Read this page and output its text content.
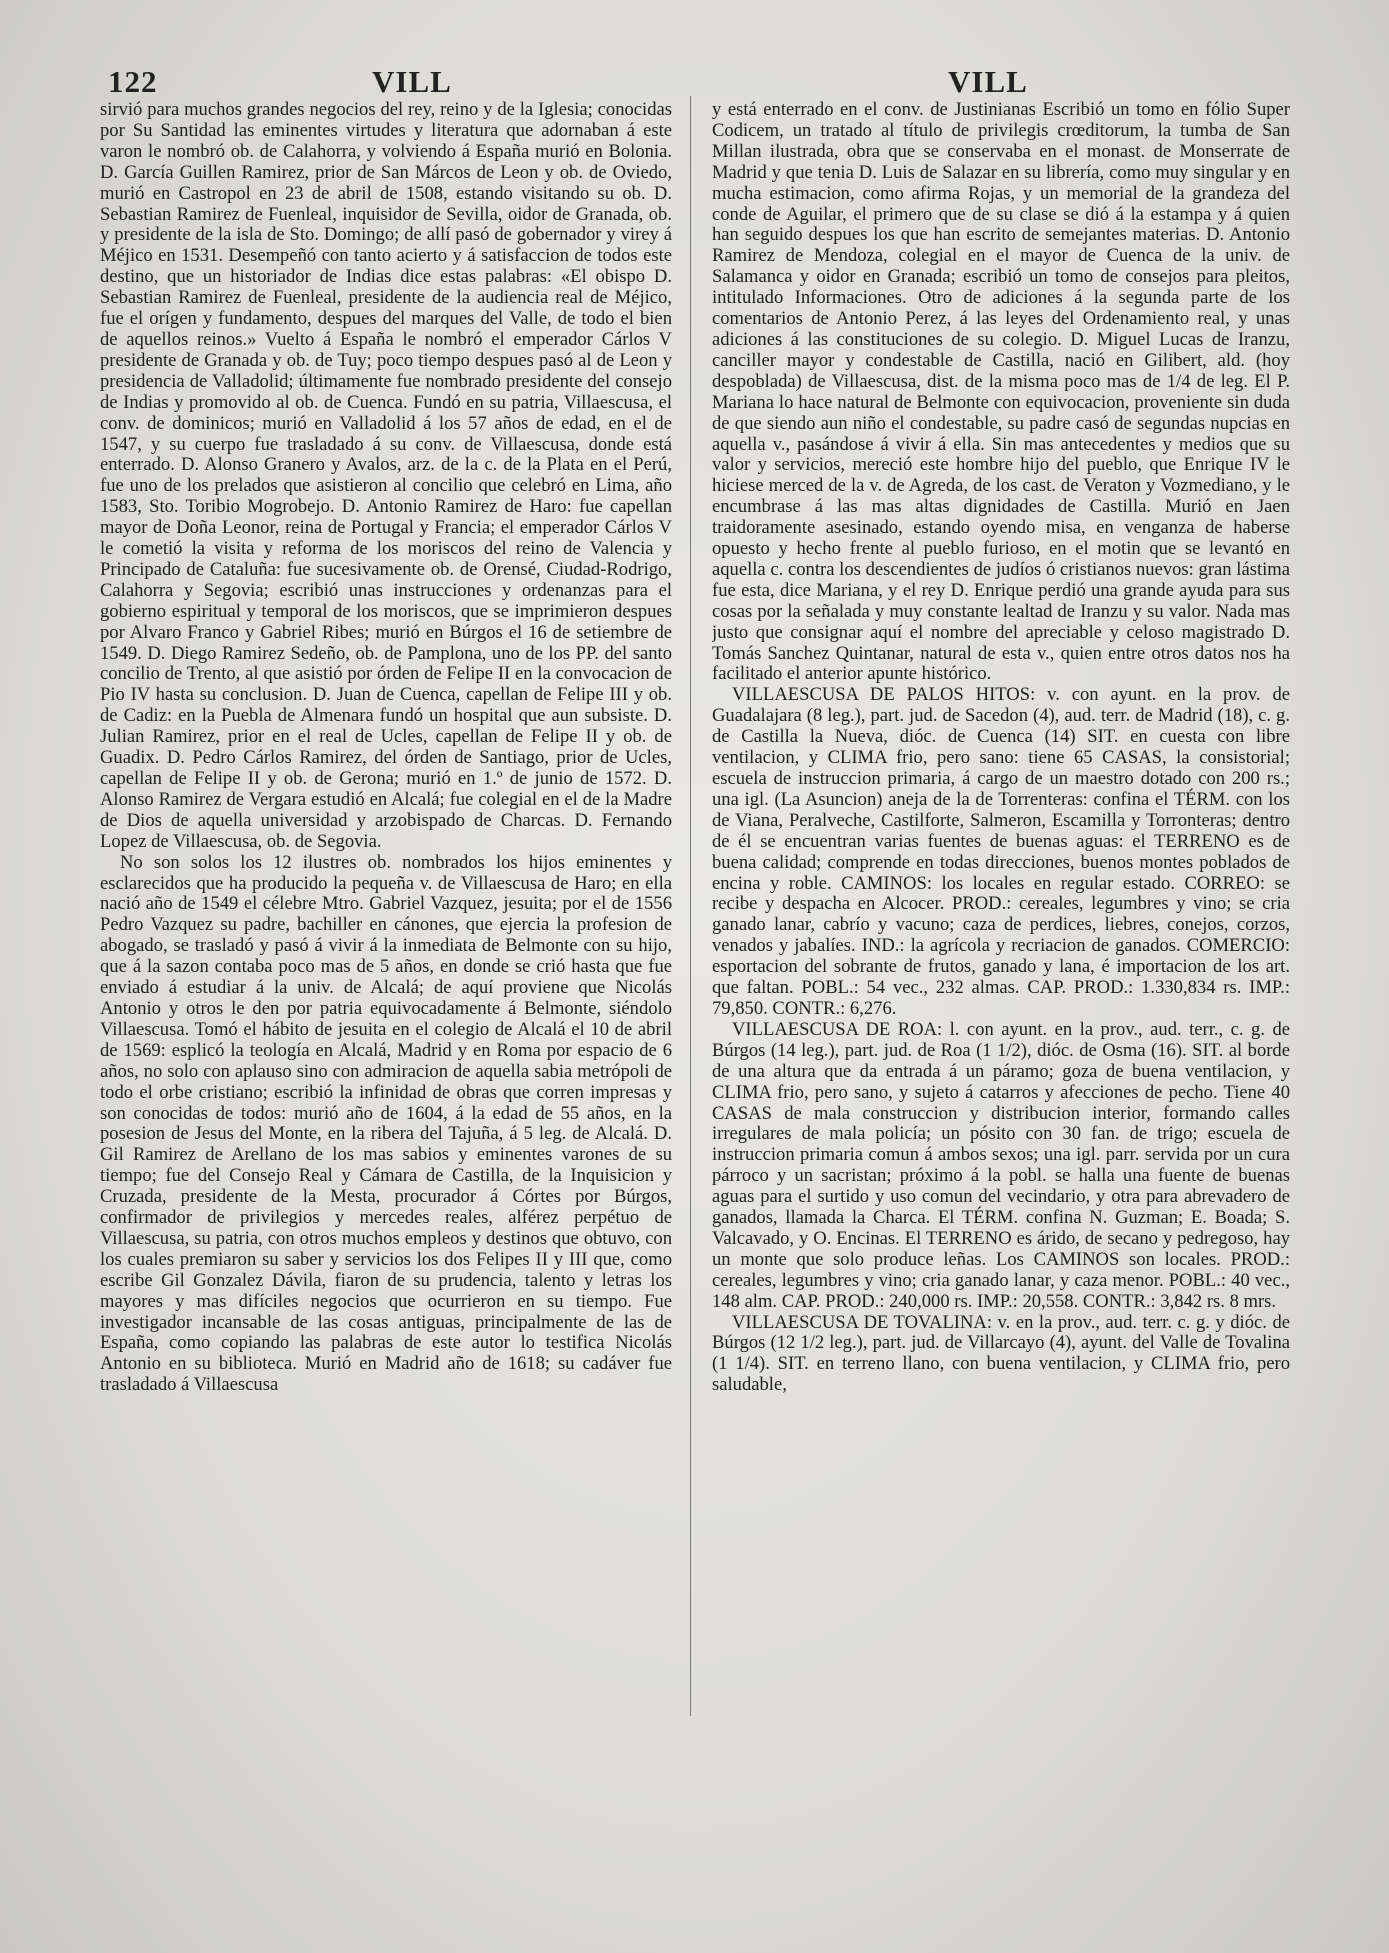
122	VILL	VILL

sirvió para muchos grandes negocios del rey, reino y de la Iglesia; conocidas por Su Santidad las eminentes virtudes y literatura que adornaban á este varon le nombró ob. de Calahorra, y volviendo á España murió en Bolonia. D. García Guillen Ramirez, prior de San Márcos de Leon y ob. de Oviedo, murió en Castropol en 23 de abril de 1508, estando visitando su ob. D. Sebastian Ramirez de Fuenleal, inquisidor de Sevilla, oidor de Granada, ob. y presidente de la isla de Sto. Domingo; de allí pasó de gobernador y virey á Méjico en 1531. Desempeñó con tanto acierto y á satisfaccion de todos este destino, que un historiador de Indias dice estas palabras: «El obispo D. Sebastian Ramirez de Fuenleal, presidente de la audiencia real de Méjico, fue el orígen y fundamento, despues del marques del Valle, de todo el bien de aquellos reinos.» Vuelto á España le nombró el emperador Cárlos V presidente de Granada y ob. de Tuy; poco tiempo despues pasó al de Leon y presidencia de Valladolid; últimamente fue nombrado presidente del consejo de Indias y promovido al ob. de Cuenca. Fundó en su patria, Villaescusa, el conv. de dominicos; murió en Valladolid á los 57 años de edad, en el de 1547, y su cuerpo fue trasladado á su conv. de Villaescusa, donde está enterrado. D. Alonso Granero y Avalos, arz. de la c. de la Plata en el Perú, fue uno de los prelados que asistieron al concilio que celebró en Lima, año 1583, Sto. Toribio Mogrobejo. D. Antonio Ramirez de Haro: fue capellan mayor de Doña Leonor, reina de Portugal y Francia; el emperador Cárlos V le cometió la visita y reforma de los moriscos del reino de Valencia y Principado de Cataluña: fue sucesivamente ob. de Orensé, Ciudad-Rodrigo, Calahorra y Segovia; escribió unas instrucciones y ordenanzas para el gobierno espiritual y temporal de los moriscos, que se imprimieron despues por Alvaro Franco y Gabriel Ribes; murió en Búrgos el 16 de setiembre de 1549. D. Diego Ramirez Sedeño, ob. de Pamplona, uno de los PP. del santo concilio de Trento, al que asistió por órden de Felipe II en la convocacion de Pio IV hasta su conclusion. D. Juan de Cuenca, capellan de Felipe III y ob. de Cadiz: en la Puebla de Almenara fundó un hospital que aun subsiste. D. Julian Ramirez, prior en el real de Ucles, capellan de Felipe II y ob. de Guadix. D. Pedro Cárlos Ramirez, del órden de Santiago, prior de Ucles, capellan de Felipe II y ob. de Gerona; murió en 1.º de junio de 1572. D. Alonso Ramirez de Vergara estudió en Alcalá; fue colegial en el de la Madre de Dios de aquella universidad y arzobispado de Charcas. D. Fernando Lopez de Villaescusa, ob. de Segovia.

No son solos los 12 ilustres ob. nombrados los hijos eminentes y esclarecidos que ha producido la pequeña v. de Villaescusa de Haro; en ella nació año de 1549 el célebre Mtro. Gabriel Vazquez, jesuita; por el de 1556 Pedro Vazquez su padre, bachiller en cánones, que ejercia la profesion de abogado, se trasladó y pasó á vivir á la inmediata de Belmonte con su hijo, que á la sazon contaba poco mas de 5 años, en donde se crió hasta que fue enviado á estudiar á la univ. de Alcalá; de aquí proviene que Nicolás Antonio y otros le den por patria equivocadamente á Belmonte, siéndolo Villaescusa. Tomó el hábito de jesuita en el colegio de Alcalá el 10 de abril de 1569: esplicó la teología en Alcalá, Madrid y en Roma por espacio de 6 años, no solo con aplauso sino con admiracion de aquella sabia metrópoli de todo el orbe cristiano; escribió la infinidad de obras que corren impresas y son conocidas de todos: murió año de 1604, á la edad de 55 años, en la posesion de Jesus del Monte, en la ribera del Tajuña, á 5 leg. de Alcalá. D. Gil Ramirez de Arellano de los mas sabios y eminentes varones de su tiempo; fue del Consejo Real y Cámara de Castilla, de la Inquisicion y Cruzada, presidente de la Mesta, procurador á Córtes por Búrgos, confirmador de privilegios y mercedes reales, alférez perpétuo de Villaescusa, su patria, con otros muchos empleos y destinos que obtuvo, con los cuales premiaron su saber y servicios los dos Felipes II y III que, como escribe Gil Gonzalez Dávila, fiaron de su prudencia, talento y letras los mayores y mas difíciles negocios que ocurrieron en su tiempo. Fue investigador incansable de las cosas antiguas, principalmente de las de España, como copiando las palabras de este autor lo testifica Nicolás Antonio en su biblioteca. Murió en Madrid año de 1618; su cadáver fue trasladado á Villaescusa

y está enterrado en el conv. de Justinianas Escribió un tomo en fólio Super Codicem, un tratado al título de privilegis crœditorum, la tumba de San Millan ilustrada, obra que se conservaba en el monast. de Monserrate de Madrid y que tenia D. Luis de Salazar en su librería, como muy singular y en mucha estimacion, como afirma Rojas, y un memorial de la grandeza del conde de Aguilar, el primero que de su clase se dió á la estampa y á quien han seguido despues los que han escrito de semejantes materias. D. Antonio Ramirez de Mendoza, colegial en el mayor de Cuenca de la univ. de Salamanca y oidor en Granada; escribió un tomo de consejos para pleitos, intitulado Informaciones. Otro de adiciones á la segunda parte de los comentarios de Antonio Perez, á las leyes del Ordenamiento real, y unas adiciones á las constituciones de su colegio. D. Miguel Lucas de Iranzu, canciller mayor y condestable de Castilla, nació en Gilibert, ald. (hoy despoblada) de Villaescusa, dist. de la misma poco mas de 1/4 de leg. El P. Mariana lo hace natural de Belmonte con equivocacion, proveniente sin duda de que siendo aun niño el condestable, su padre casó de segundas nupcias en aquella v., pasándose á vivir á ella. Sin mas antecedentes y medios que su valor y servicios, mereció este hombre hijo del pueblo, que Enrique IV le hiciese merced de la v. de Agreda, de los cast. de Veraton y Vozmediano, y le encumbrase á las mas altas dignidades de Castilla. Murió en Jaen traidoramente asesinado, estando oyendo misa, en venganza de haberse opuesto y hecho frente al pueblo furioso, en el motin que se levantó en aquella c. contra los descendientes de judíos ó cristianos nuevos: gran lástima fue esta, dice Mariana, y el rey D. Enrique perdió una grande ayuda para sus cosas por la señalada y muy constante lealtad de Iranzu y su valor. Nada mas justo que consignar aquí el nombre del apreciable y celoso magistrado D. Tomás Sanchez Quintanar, natural de esta v., quien entre otros datos nos ha facilitado el anterior apunte histórico.

VILLAESCUSA DE PALOS HITOS: v. con ayunt. en la prov. de Guadalajara (8 leg.), part. jud. de Sacedon (4), aud. terr. de Madrid (18), c. g. de Castilla la Nueva, dióc. de Cuenca (14) SIT. en cuesta con libre ventilacion, y CLIMA frio, pero sano: tiene 65 CASAS, la consistorial; escuela de instruccion primaria, á cargo de un maestro dotado con 200 rs.; una igl. (La Asuncion) aneja de la de Torrenteras: confina el TÉRM. con los de Viana, Peralveche, Castilforte, Salmeron, Escamilla y Torronteras; dentro de él se encuentran varias fuentes de buenas aguas: el TERRENO es de buena calidad; comprende en todas direcciones, buenos montes poblados de encina y roble. CAMINOS: los locales en regular estado. CORREO: se recibe y despacha en Alcocer. PROD.: cereales, legumbres y vino; se cria ganado lanar, cabrío y vacuno; caza de perdices, liebres, conejos, corzos, venados y jabalíes. IND.: la agrícola y recriacion de ganados. COMERCIO: esportacion del sobrante de frutos, ganado y lana, é importacion de los art. que faltan. POBL.: 54 vec., 232 almas. CAP. PROD.: 1.330,834 rs. IMP.: 79,850. CONTR.: 6,276.

VILLAESCUSA DE ROA: l. con ayunt. en la prov., aud. terr., c. g. de Búrgos (14 leg.), part. jud. de Roa (1 1/2), dióc. de Osma (16). SIT. al borde de una altura que da entrada á un páramo; goza de buena ventilacion, y CLIMA frio, pero sano, y sujeto á catarros y afecciones de pecho. Tiene 40 CASAS de mala construccion y distribucion interior, formando calles irregulares de mala policía; un pósito con 30 fan. de trigo; escuela de instruccion primaria comun á ambos sexos; una igl. parr. servida por un cura párroco y un sacristan; próximo á la pobl. se halla una fuente de buenas aguas para el surtido y uso comun del vecindario, y otra para abrevadero de ganados, llamada la Charca. El TÉRM. confina N. Guzman; E. Boada; S. Valcavado, y O. Encinas. El TERRENO es árido, de secano y pedregoso, hay un monte que solo produce leñas. Los CAMINOS son locales. PROD.: cereales, legumbres y vino; cria ganado lanar, y caza menor. POBL.: 40 vec., 148 alm. CAP. PROD.: 240,000 rs. IMP.: 20,558. CONTR.: 3,842 rs. 8 mrs.

VILLAESCUSA DE TOVALINA: v. en la prov., aud. terr. c. g. y dióc. de Búrgos (12 1/2 leg.), part. jud. de Villarcayo (4), ayunt. del Valle de Tovalina (1 1/4). SIT. en terreno llano, con buena ventilacion, y CLIMA frio, pero saludable,
